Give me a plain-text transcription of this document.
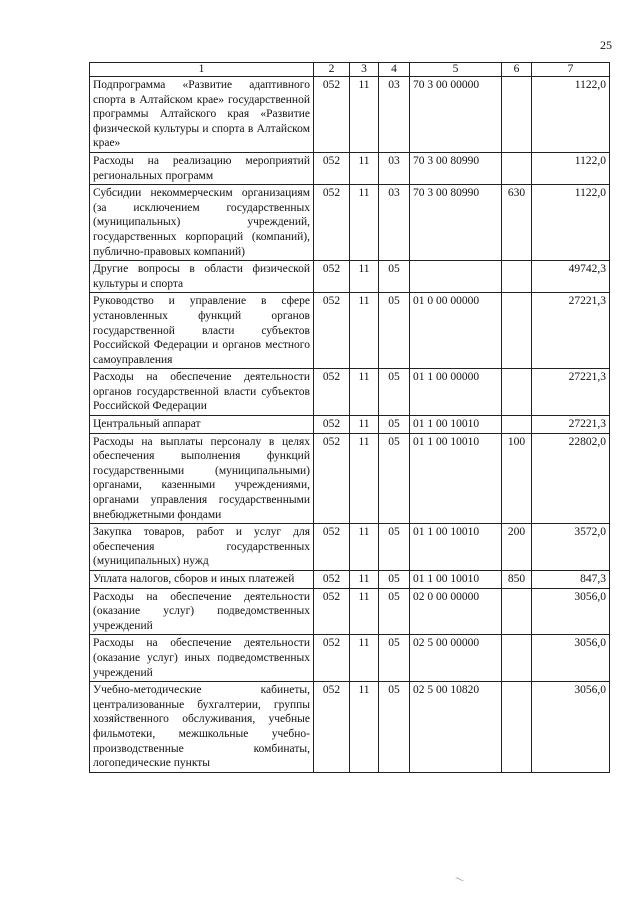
25
1	2	3	4	5	6	7
Подпрограмма «Развитие адаптивного спорта в Алтайском крае» государственной программы Алтайского края «Развитие физической культуры и спорта в Алтайском крае»	052	11	03	70 3 00 00000		1122,0
Расходы на реализацию мероприятий региональных программ	052	11	03	70 3 00 80990		1122,0
Субсидии некоммерческим организациям (за исключением государственных (муниципальных) учреждений, государственных корпораций (компаний), публично-правовых компаний)	052	11	03	70 3 00 80990	630	1122,0
Другие вопросы в области физической культуры и спорта	052	11	05			49742,3
Руководство и управление в сфере установленных функций органов государственной власти субъектов Российской Федерации и органов местного самоуправления	052	11	05	01 0 00 00000		27221,3
Расходы на обеспечение деятельности органов государственной власти субъектов Российской Федерации	052	11	05	01 1 00 00000		27221,3
Центральный аппарат	052	11	05	01 1 00 10010		27221,3
Расходы на выплаты персоналу в целях обеспечения выполнения функций государственными (муниципальными) органами, казенными учреждениями, органами управления государственными внебюджетными фондами	052	11	05	01 1 00 10010	100	22802,0
Закупка товаров, работ и услуг для обеспечения государственных (муниципальных) нужд	052	11	05	01 1 00 10010	200	3572,0
Уплата налогов, сборов и иных платежей	052	11	05	01 1 00 10010	850	847,3
Расходы на обеспечение деятельности (оказание услуг) подведомственных учреждений	052	11	05	02 0 00 00000		3056,0
Расходы на обеспечение деятельности (оказание услуг) иных подведомственных учреждений	052	11	05	02 5 00 00000		3056,0
Учебно-методические кабинеты, централизованные бухгалтерии, группы хозяйственного обслуживания, учебные фильмотеки, межшкольные учебно-производственные комбинаты, логопедические пункты	052	11	05	02 5 00 10820		3056,0
⁓
